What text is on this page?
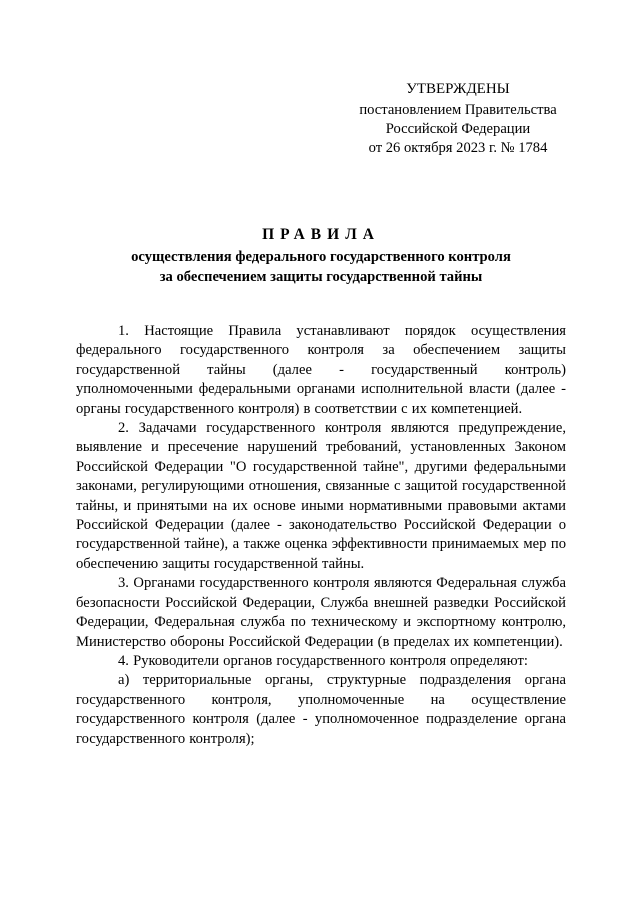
УТВЕРЖДЕНЫ
постановлением Правительства
Российской Федерации
от 26 октября 2023 г. № 1784
ПРАВИЛА
осуществления федерального государственного контроля
за обеспечением защиты государственной тайны

1. Настоящие Правила устанавливают порядок осуществления федерального государственного контроля за обеспечением защиты государственной тайны (далее - государственный контроль) уполномоченными федеральными органами исполнительной власти (далее - органы государственного контроля) в соответствии с их компетенцией.

2. Задачами государственного контроля являются предупреждение, выявление и пресечение нарушений требований, установленных Законом Российской Федерации "О государственной тайне", другими федеральными законами, регулирующими отношения, связанные с защитой государственной тайны, и принятыми на их основе иными нормативными правовыми актами Российской Федерации (далее - законодательство Российской Федерации о государственной тайне), а также оценка эффективности принимаемых мер по обеспечению защиты государственной тайны.

3. Органами государственного контроля являются Федеральная служба безопасности Российской Федерации, Служба внешней разведки Российской Федерации, Федеральная служба по техническому и экспортному контролю, Министерство обороны Российской Федерации (в пределах их компетенции).

4. Руководители органов государственного контроля определяют:

а) территориальные органы, структурные подразделения органа государственного контроля, уполномоченные на осуществление государственного контроля (далее - уполномоченное подразделение органа государственного контроля);
